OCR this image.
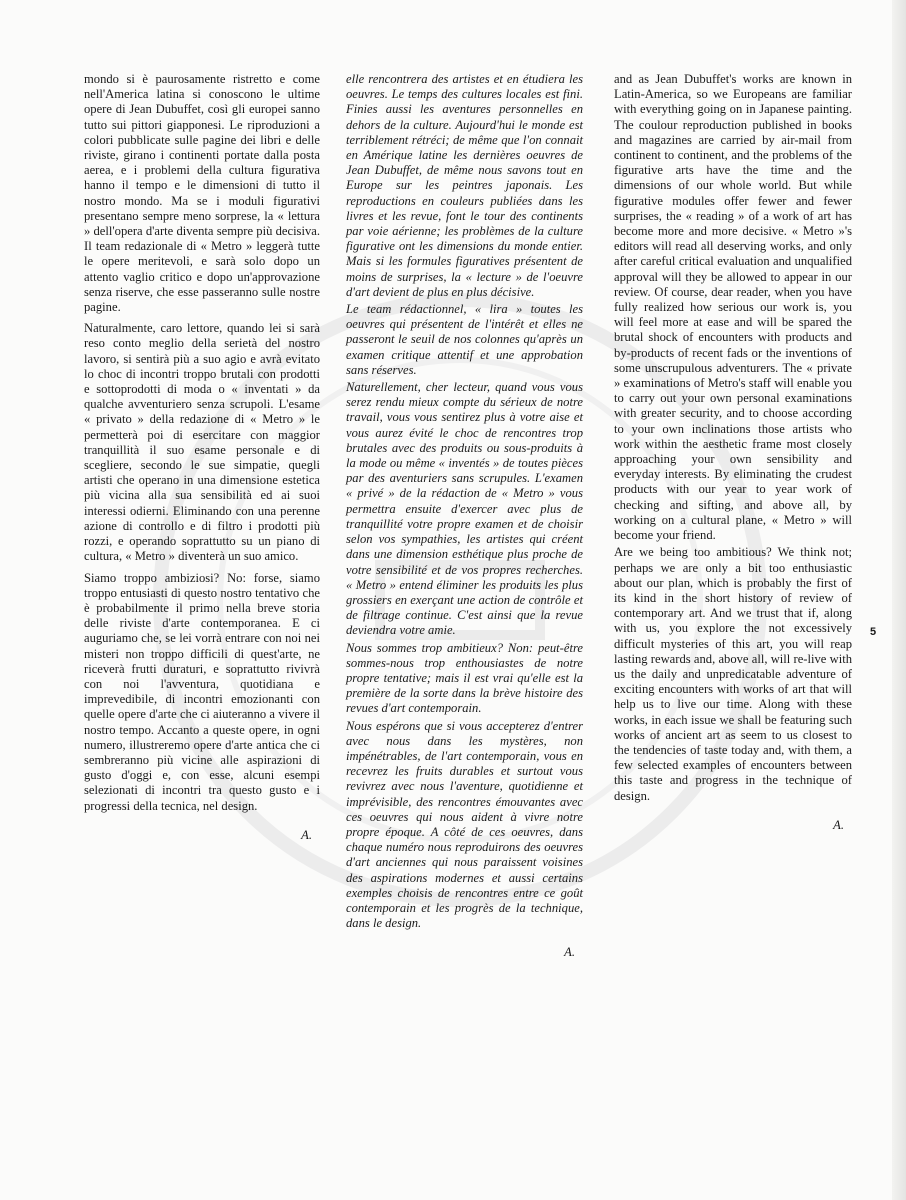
mondo si è paurosamente ristretto e come nell'America latina si conoscono le ultime opere di Jean Dubuffet, così gli europei sanno tutto sui pittori giapponesi. Le riproduzioni a colori pubblicate sulle pagine dei libri e delle riviste, girano i continenti portate dalla posta aerea, e i problemi della cultura figurativa hanno il tempo e le dimensioni di tutto il nostro mondo. Ma se i moduli figurativi presentano sempre meno sorprese, la « lettura » dell'opera d'arte diventa sempre più decisiva. Il team redazionale di « Metro » leggerà tutte le opere meritevoli, e sarà solo dopo un attento vaglio critico e dopo un'approvazione senza riserve, che esse passeranno sulle nostre pagine.

Naturalmente, caro lettore, quando lei si sarà reso conto meglio della serietà del nostro lavoro, si sentirà più a suo agio e avrà evitato lo choc di incontri troppo brutali con prodotti e sottoprodotti di moda o « inventati » da qualche avventuriero senza scrupoli. L'esame « privato » della redazione di « Metro » le permetterà poi di esercitare con maggior tranquillità il suo esame personale e di scegliere, secondo le sue simpatie, quegli artisti che operano in una dimensione estetica più vicina alla sua sensibilità ed ai suoi interessi odierni. Eliminando con una perenne azione di controllo e di filtro i prodotti più rozzi, e operando soprattutto su un piano di cultura, « Metro » diventerà un suo amico.

Siamo troppo ambiziosi? No: forse, siamo troppo entusiasti di questo nostro tentativo che è probabilmente il primo nella breve storia delle riviste d'arte contemporanea. E ci auguriamo che, se lei vorrà entrare con noi nei misteri non troppo difficili di quest'arte, ne riceverà frutti duraturi, e soprattutto rivivrà con noi l'avventura, quotidiana e imprevedibile, di incontri emozionanti con quelle opere d'arte che ci aiuteranno a vivere il nostro tempo. Accanto a queste opere, in ogni numero, illustreremo opere d'arte antica che ci sembreranno più vicine alle aspirazioni di gusto d'oggi e, con esse, alcuni esempi selezionati di incontri tra questo gusto e i progressi della tecnica, nel design.

A.

elle rencontrera des artistes et en étudiera les oeuvres. Le temps des cultures locales est fini. Finies aussi les aventures personnelles en dehors de la culture. Aujourd'hui le monde est terriblement rétréci; de même que l'on connait en Amérique latine les dernières oeuvres de Jean Dubuffet, de même nous savons tout en Europe sur les peintres japonais. Les reproductions en couleurs publiées dans les livres et les revue, font le tour des continents par voie aérienne; les problèmes de la culture figurative ont les dimensions du monde entier. Mais si les formules figuratives présentent de moins de surprises, la « lecture » de l'oeuvre d'art devient de plus en plus décisive.

Le team rédactionnel, « lira » toutes les oeuvres qui présentent de l'intérêt et elles ne passeront le seuil de nos colonnes qu'après un examen critique attentif et une approbation sans réserves.

Naturellement, cher lecteur, quand vous vous serez rendu mieux compte du sérieux de notre travail, vous vous sentirez plus à votre aise et vous aurez évité le choc de rencontres trop brutales avec des produits ou sous-produits à la mode ou même « inventés » de toutes pièces par des aventuriers sans scrupules. L'examen « privé » de la rédaction de « Metro » vous permettra ensuite d'exercer avec plus de tranquillité votre propre examen et de choisir selon vos sympathies, les artistes qui créent dans une dimension esthétique plus proche de votre sensibilité et de vos propres recherches. « Metro » entend éliminer les produits les plus grossiers en exerçant une action de contrôle et de filtrage continue. C'est ainsi que la revue deviendra votre amie.

Nous sommes trop ambitieux? Non: peut-être sommes-nous trop enthousiastes de notre propre tentative; mais il est vrai qu'elle est la première de la sorte dans la brève histoire des revues d'art contemporain.

Nous espérons que si vous accepterez d'entrer avec nous dans les mystères, non impénétrables, de l'art contemporain, vous en recevrez les fruits durables et surtout vous revivrez avec nous l'aventure, quotidienne et imprévisible, des rencontres émouvantes avec ces oeuvres qui nous aident à vivre notre propre époque. A côté de ces oeuvres, dans chaque numéro nous reproduirons des oeuvres d'art anciennes qui nous paraissent voisines des aspirations modernes et aussi certains exemples choisis de rencontres entre ce goût contemporain et les progrès de la technique, dans le design.

A.

and as Jean Dubuffet's works are known in Latin-America, so we Europeans are familiar with everything going on in Japanese painting. The coulour reproduction published in books and magazines are carried by air-mail from continent to continent, and the problems of the figurative arts have the time and the dimensions of our whole world. But while figurative modules offer fewer and fewer surprises, the « reading » of a work of art has become more and more decisive. « Metro »'s editors will read all deserving works, and only after careful critical evaluation and unqualified approval will they be allowed to appear in our review. Of course, dear reader, when you have fully realized how serious our work is, you will feel more at ease and will be spared the brutal shock of encounters with products and by-products of recent fads or the inventions of some unscrupulous adventurers. The « private » examinations of Metro's staff will enable you to carry out your own personal examinations with greater security, and to choose according to your own inclinations those artists who work within the aesthetic frame most closely approaching your own sensibility and everyday interests. By eliminating the crudest products with our year to year work of checking and sifting, and above all, by working on a cultural plane, « Metro » will become your friend.

Are we being too ambitious? We think not; perhaps we are only a bit too enthusiastic about our plan, which is probably the first of its kind in the short history of review of contemporary art. And we trust that if, along with us, you explore the not excessively difficult mysteries of this art, you will reap lasting rewards and, above all, will re-live with us the daily and unpredicatable adventure of exciting encounters with works of art that will help us to live our time. Along with these works, in each issue we shall be featuring such works of ancient art as seem to us closest to the tendencies of taste today and, with them, a few selected examples of encounters between this taste and progress in the technique of design.

A.

5
